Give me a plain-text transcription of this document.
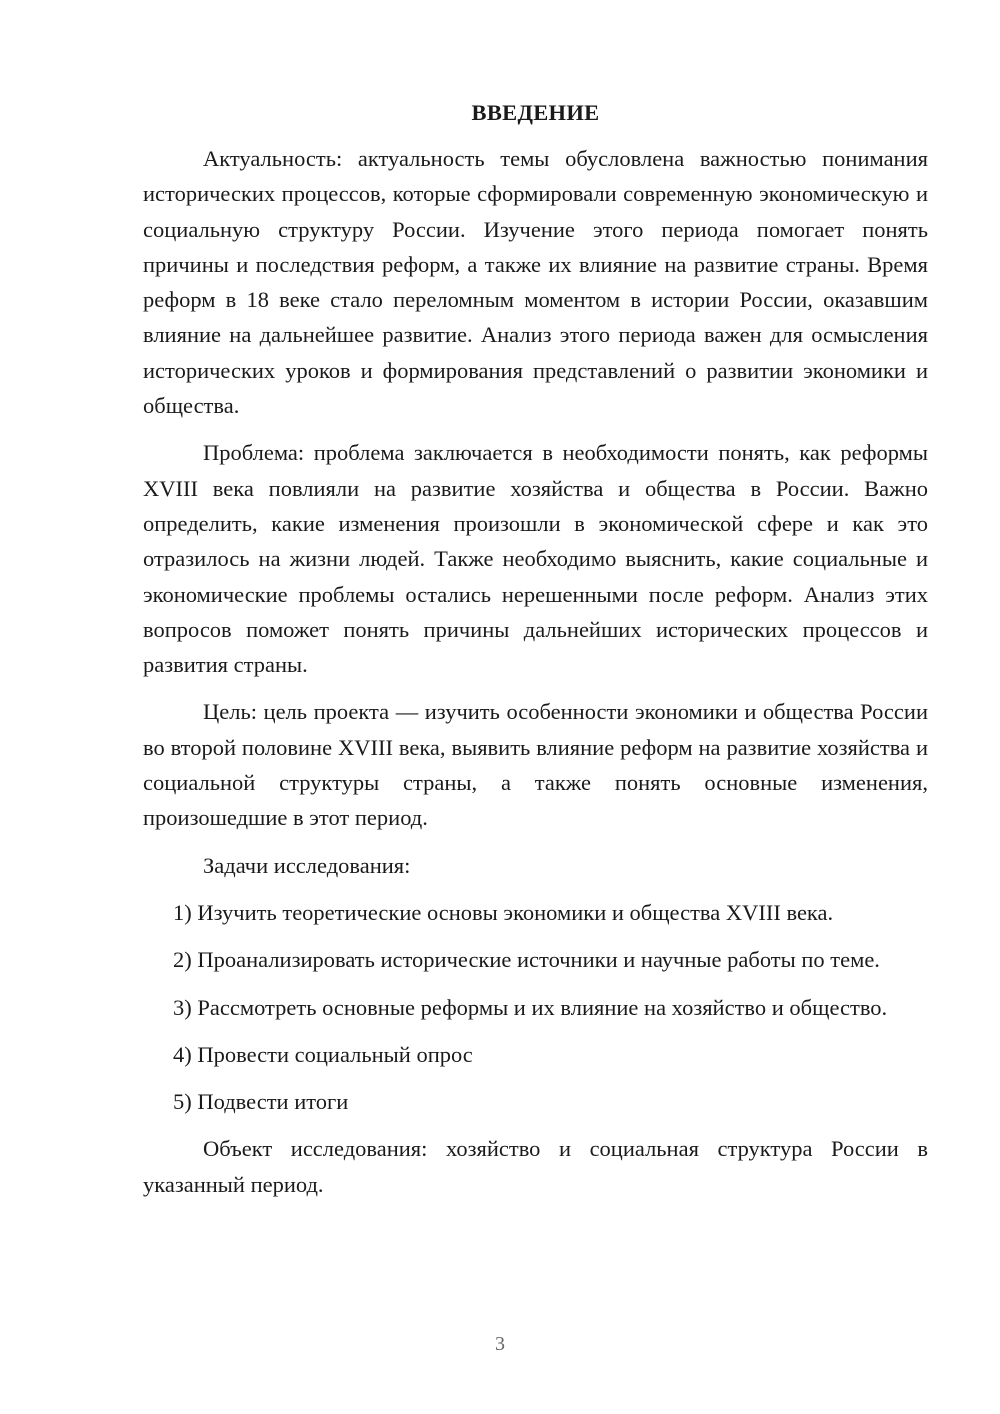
ВВЕДЕНИЕ

Актуальность: актуальность темы обусловлена важностью понимания исторических процессов, которые сформировали современную экономическую и социальную структуру России. Изучение этого периода помогает понять причины и последствия реформ, а также их влияние на развитие страны. Время реформ в 18 веке стало переломным моментом в истории России, оказавшим влияние на дальнейшее развитие. Анализ этого периода важен для осмысления исторических уроков и формирования представлений о развитии экономики и общества.

Проблема: проблема заключается в необходимости понять, как реформы XVIII века повлияли на развитие хозяйства и общества в России. Важно определить, какие изменения произошли в экономической сфере и как это отразилось на жизни людей. Также необходимо выяснить, какие социальные и экономические проблемы остались нерешенными после реформ. Анализ этих вопросов поможет понять причины дальнейших исторических процессов и развития страны.

Цель: цель проекта — изучить особенности экономики и общества России во второй половине XVIII века, выявить влияние реформ на развитие хозяйства и социальной структуры страны, а также понять основные изменения, произошедшие в этот период.

Задачи исследования:

1) Изучить теоретические основы экономики и общества XVIII века.

2) Проанализировать исторические источники и научные работы по теме.

3) Рассмотреть основные реформы и их влияние на хозяйство и общество.

4) Провести социальный опрос

5) Подвести итоги

Объект исследования: хозяйство и социальная структура России в указанный период.

3
